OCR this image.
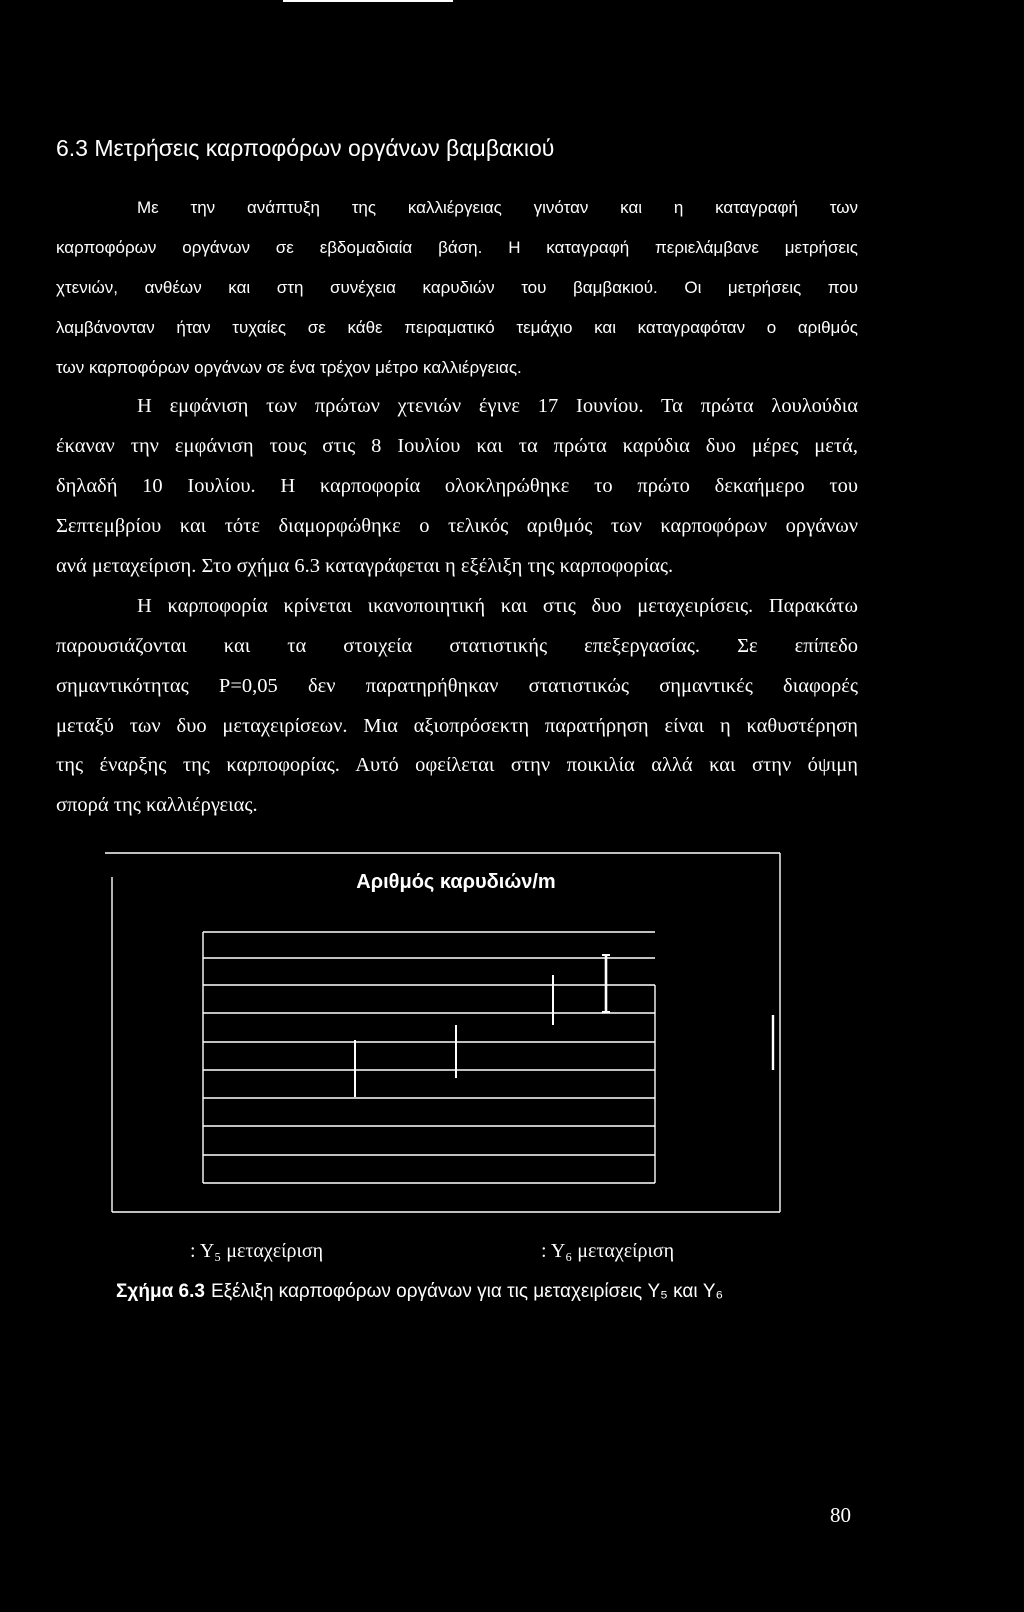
6.3 Μετρήσεις καρποφόρων οργάνων βαμβακιού
Με την ανάπτυξη της καλλιέργειας γινόταν και η καταγραφή των
καρποφόρων οργάνων σε εβδομαδιαία βάση. Η καταγραφή περιελάμβανε μετρήσεις
χτενιών, ανθέων και στη συνέχεια καρυδιών του βαμβακιού. Οι μετρήσεις που
λαμβάνονταν ήταν τυχαίες σε κάθε πειραματικό τεμάχιο και καταγραφόταν ο αριθμός
των καρποφόρων οργάνων σε ένα τρέχον μέτρο καλλιέργειας.
Η εμφάνιση των πρώτων χτενιών έγινε 17 Ιουνίου. Τα πρώτα λουλούδια
έκαναν την εμφάνιση τους στις 8 Ιουλίου και τα πρώτα καρύδια δυο μέρες μετά,
δηλαδή 10 Ιουλίου. Η καρποφορία ολοκληρώθηκε το πρώτο δεκαήμερο του
Σεπτεμβρίου και τότε διαμορφώθηκε ο τελικός αριθμός των καρποφόρων οργάνων
ανά μεταχείριση. Στο σχήμα 6.3 καταγράφεται η εξέλιξη της καρποφορίας.
Η καρποφορία κρίνεται ικανοποιητική και στις δυο μεταχειρίσεις. Παρακάτω
παρουσιάζονται και τα στοιχεία στατιστικής επεξεργασίας. Σε επίπεδο
σημαντικότητας P=0,05 δεν παρατηρήθηκαν στατιστικώς σημαντικές διαφορές
μεταξύ των δυο μεταχειρίσεων. Μια αξιοπρόσεκτη παρατήρηση είναι η καθυστέρηση
της έναρξης της καρποφορίας. Αυτό οφείλεται στην ποικιλία αλλά και στην όψιμη
σπορά της καλλιέργειας.
Αριθμός καρυδιών/m
: Y₅ μεταχείριση	: Y₆ μεταχείριση
Σχήμα 6.3 Εξέλιξη καρποφόρων οργάνων για τις μεταχειρίσεις Y₅ και Y₆
80
